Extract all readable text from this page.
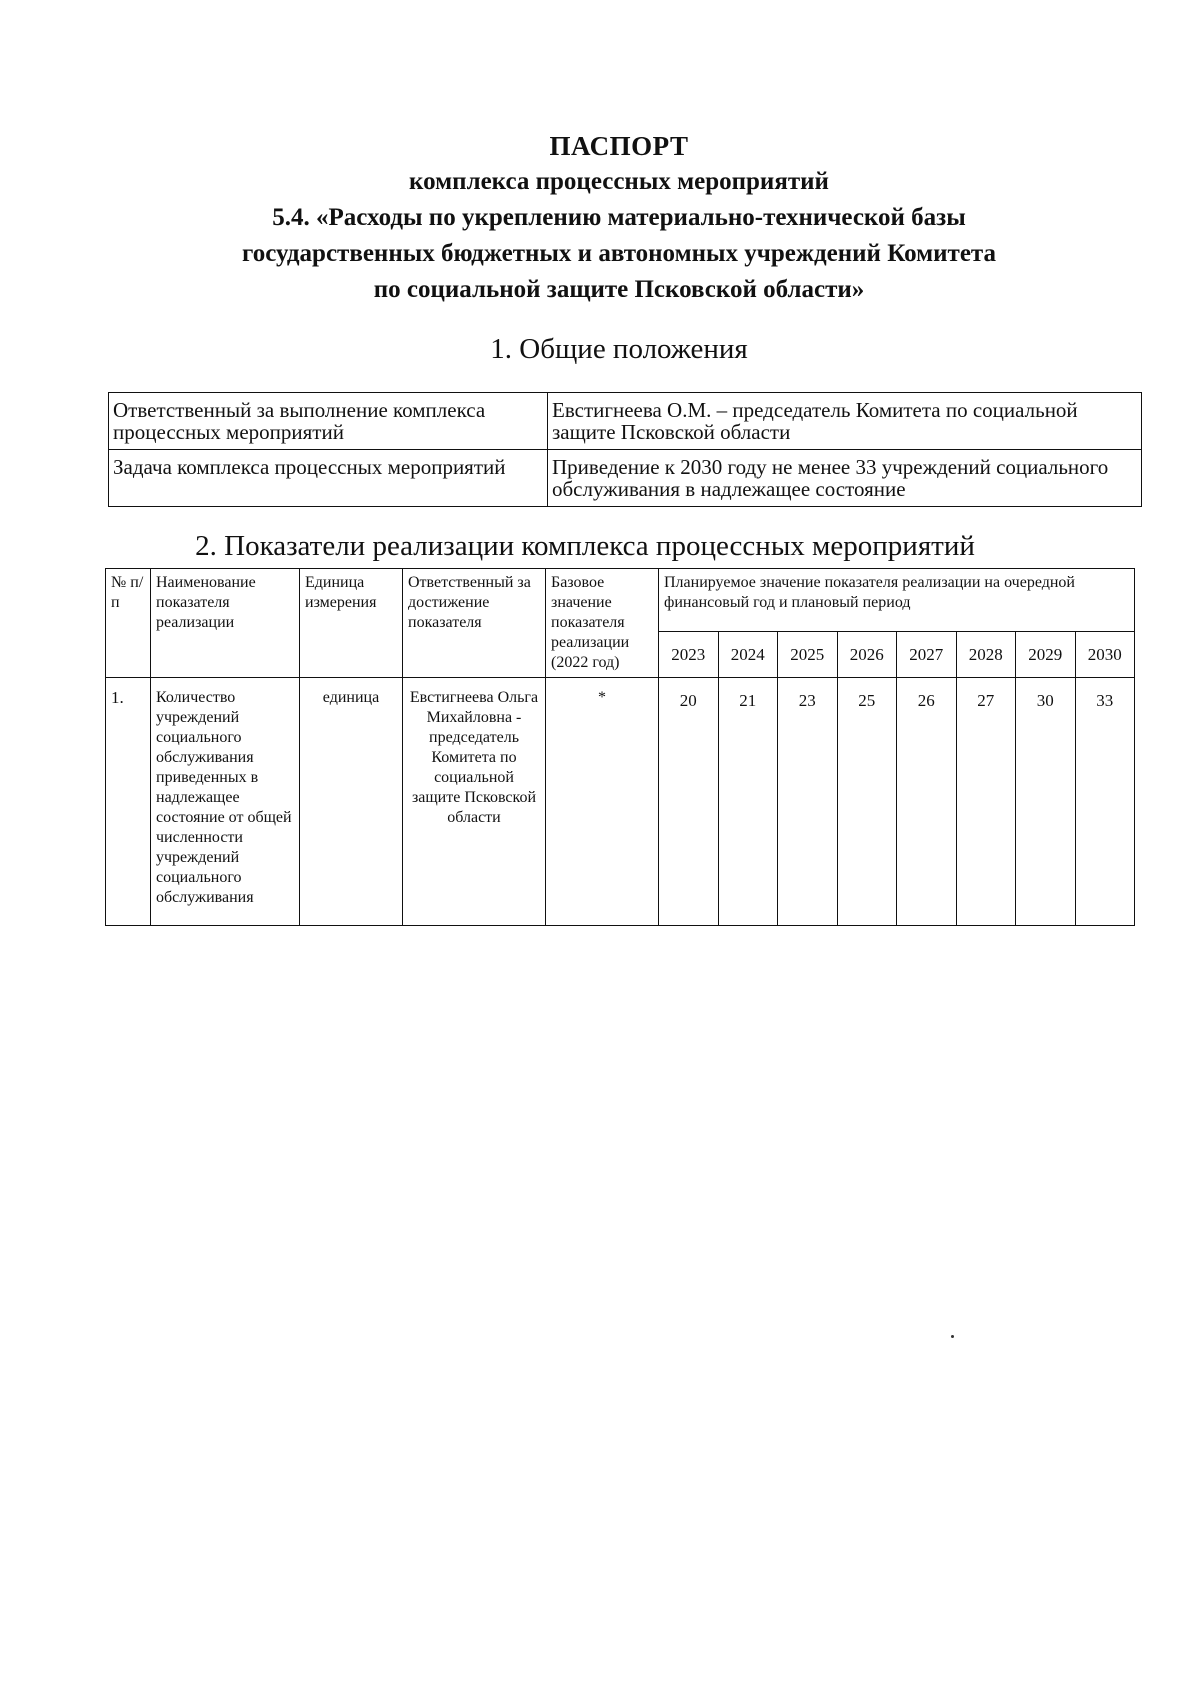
ПАСПОРТ
комплекса процессных мероприятий
5.4. «Расходы по укреплению материально-технической базы
государственных бюджетных и автономных учреждений Комитета
по социальной защите Псковской области»
1. Общие положения
Ответственный за выполнение комплекса процессных мероприятий	Евстигнеева О.М. – председатель Комитета по социальной защите Псковской области
Задача комплекса процессных мероприятий	Приведение к 2030 году не менее 33 учреждений социального обслуживания в надлежащее состояние
2. Показатели реализации комплекса процессных мероприятий
№ п/п	Наименование показателя реализации	Единица измерения	Ответственный за достижение показателя	Базовое значение показателя реализации (2022 год)	Планируемое значение показателя реализации на очередной финансовый год и плановый период							
					2023	2024	2025	2026	2027	2028	2029	2030
1.	Количество учреждений социального обслуживания приведенных в надлежащее состояние от общей численности учреждений социального обслуживания	единица	Евстигнеева Ольга Михайловна - председатель Комитета по социальной защите Псковской области	*	20	21	23	25	26	27	30	33
